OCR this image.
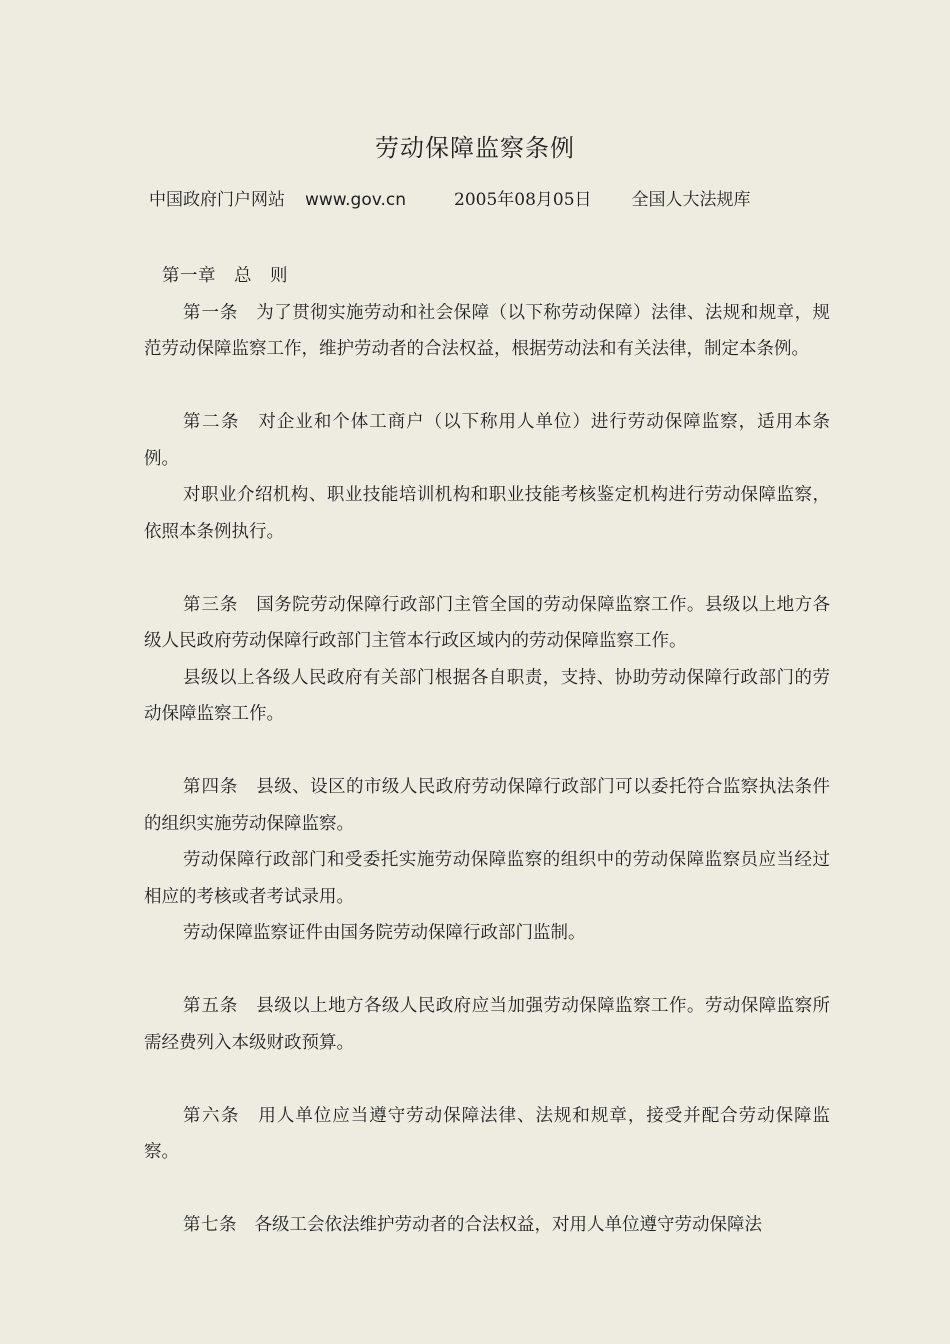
劳动保障监察条例
中国政府门户网站 www.gov.cn	2005年08月05日 全国人大法规库

第一章　总　则

第一条　 为了贯彻实施劳动和社会保障（以下称劳动保障）法律、法规和规章，规范劳动保障监察工作，维护劳动者的合法权益，根据劳动法和有关法律，制定本条例。

第二条　 对企业和个体工商户（以下称用人单位）进行劳动保障监察，适用本条例。

对职业介绍机构、职业技能培训机构和职业技能考核鉴定机构进行劳动保障监察，依照本条例执行。

第三条　 国务院劳动保障行政部门主管全国的劳动保障监察工作。县级以上地方各级人民政府劳动保障行政部门主管本行政区域内的劳动保障监察工作。

县级以上各级人民政府有关部门根据各自职责，支持、协助劳动保障行政部门的劳动保障监察工作。

第四条　 县级、设区的市级人民政府劳动保障行政部门可以委托符合监察执法条件的组织实施劳动保障监察。

劳动保障行政部门和受委托实施劳动保障监察的组织中的劳动保障监察员应当经过相应的考核或者考试录用。

劳动保障监察证件由国务院劳动保障行政部门监制。

第五条　 县级以上地方各级人民政府应当加强劳动保障监察工作。劳动保障监察所需经费列入本级财政预算。

第六条　 用人单位应当遵守劳动保障法律、法规和规章，接受并配合劳动保障监察。

第七条　 各级工会依法维护劳动者的合法权益，对用人单位遵守劳动保障法
